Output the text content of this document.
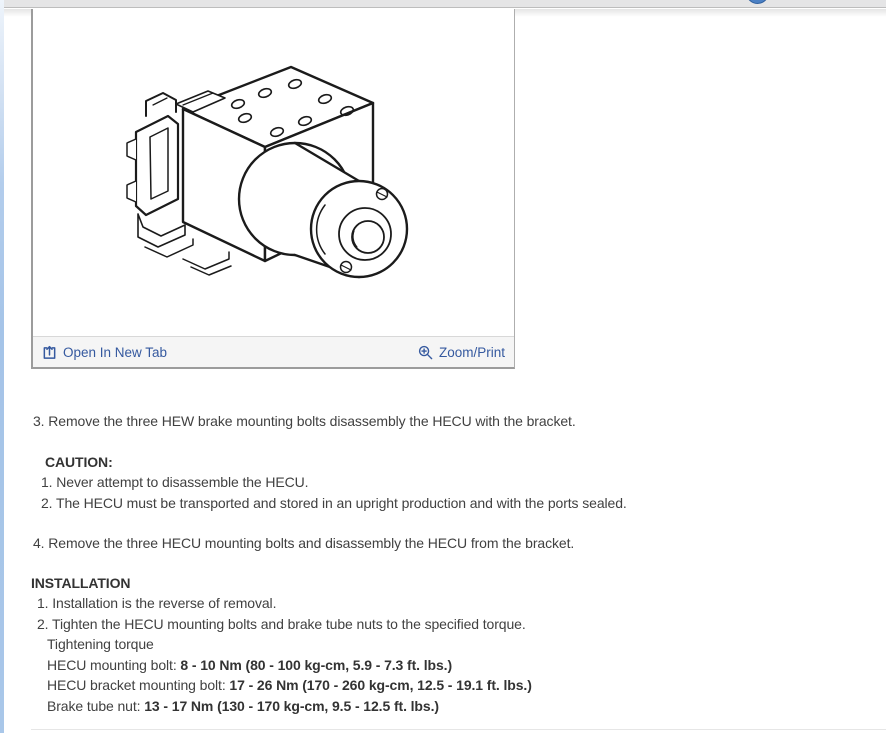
Open In New Tab	Zoom/Print
3. Remove the three HEW brake mounting bolts disassembly the HECU with the bracket.
CAUTION:
1. Never attempt to disassemble the HECU.
2. The HECU must be transported and stored in an upright production and with the ports sealed.
4. Remove the three HECU mounting bolts and disassembly the HECU from the bracket.
INSTALLATION
1. Installation is the reverse of removal.
2. Tighten the HECU mounting bolts and brake tube nuts to the specified torque.
Tightening torque
HECU mounting bolt: 8 - 10 Nm (80 - 100 kg-cm, 5.9 - 7.3 ft. lbs.)
HECU bracket mounting bolt: 17 - 26 Nm (170 - 260 kg-cm, 12.5 - 19.1 ft. lbs.)
Brake tube nut: 13 - 17 Nm (130 - 170 kg-cm, 9.5 - 12.5 ft. lbs.)
